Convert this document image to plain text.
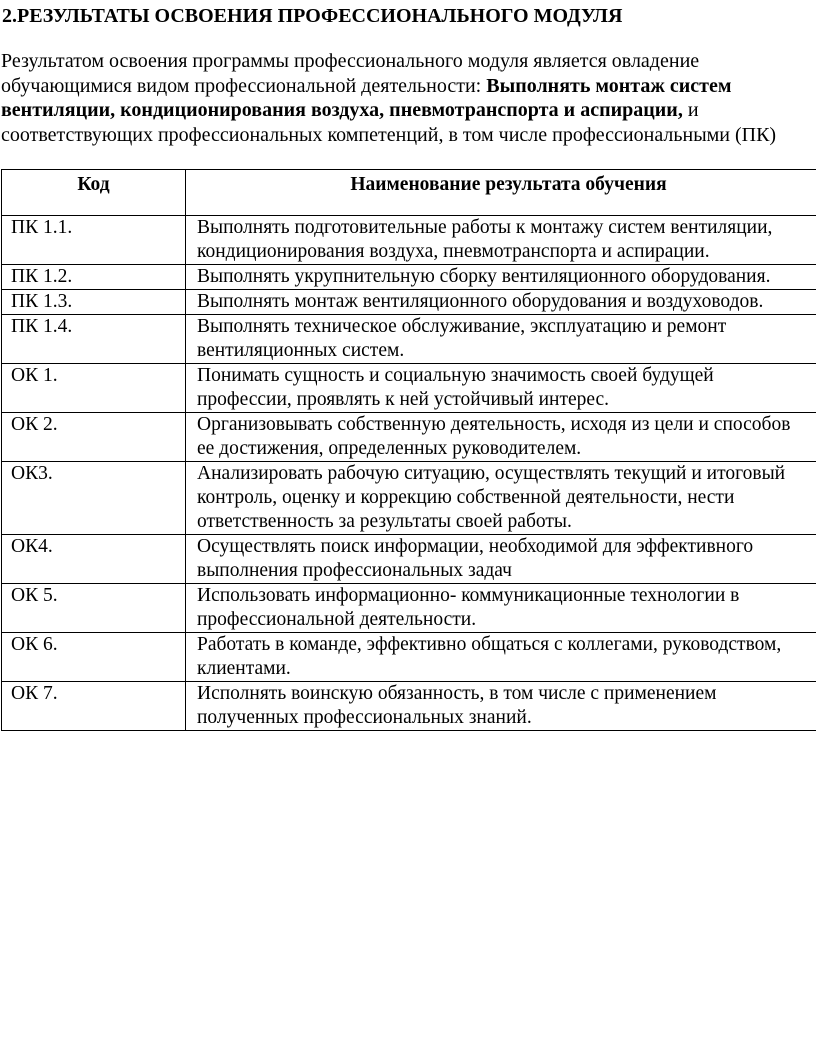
2.РЕЗУЛЬТАТЫ ОСВОЕНИЯ ПРОФЕССИОНАЛЬНОГО МОДУЛЯ

Результатом освоения программы профессионального модуля является овладение
обучающимися видом профессиональной деятельности: Выполнять монтаж систем
вентиляции, кондиционирования воздуха, пневмотранспорта и аспирации, и
соответствующих профессиональных компетенций, в том числе профессиональными (ПК)

Код	Наименование результата обучения
ПК 1.1.	Выполнять подготовительные работы к монтажу систем вентиляции,
кондиционирования воздуха, пневмотранспорта и аспирации.

ПК 1.2.	Выполнять укрупнительную сборку вентиляционного оборудования.

ПК 1.3.	Выполнять монтаж вентиляционного оборудования и воздуховодов.

ПК 1.4.	Выполнять техническое обслуживание, эксплуатацию и ремонт
вентиляционных систем.

ОК 1.	Понимать сущность и социальную значимость своей будущей
профессии, проявлять к ней устойчивый интерес.

ОК 2.	Организовывать собственную деятельность, исходя из цели и способов
ее достижения, определенных руководителем.

ОК3.	Анализировать рабочую ситуацию, осуществлять текущий и итоговый
контроль, оценку и коррекцию собственной деятельности, нести
ответственность за результаты своей работы.

ОК4.	Осуществлять поиск информации, необходимой для эффективного
выполнения профессиональных задач

ОК 5.	Использовать информационно- коммуникационные технологии в
профессиональной деятельности.

ОК 6.	Работать в команде, эффективно общаться с коллегами, руководством,
клиентами.

ОК 7.	Исполнять воинскую обязанность, в том числе с применением
полученных профессиональных знаний.
